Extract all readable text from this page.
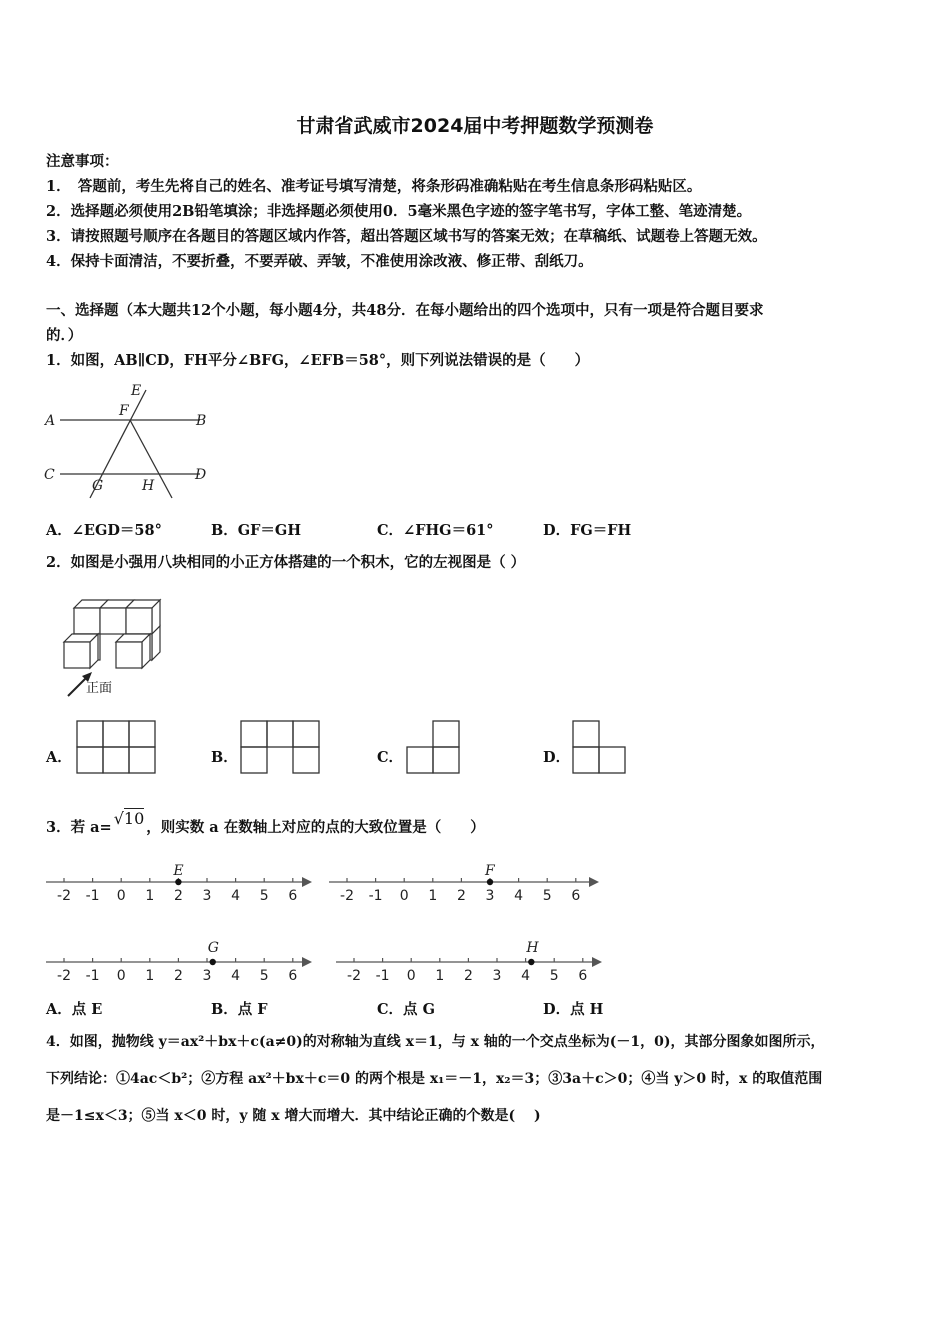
甘肃省武威市2024届中考押题数学预测卷
注意事项：
1．　答题前，考生先将自己的姓名、准考证号填写清楚，将条形码准确粘贴在考生信息条形码粘贴区。
2．选择题必须使用2B铅笔填涂；非选择题必须使用0．5毫米黑色字迹的签字笔书写，字体工整、笔迹清楚。
3．请按照题号顺序在各题目的答题区域内作答，超出答题区域书写的答案无效；在草稿纸、试题卷上答题无效。
4．保持卡面清洁，不要折叠，不要弄破、弄皱，不准使用涂改液、修正带、刮纸刀。
一、选择题（本大题共12个小题，每小题4分，共48分．在每小题给出的四个选项中，只有一项是符合题目要求
的．）
1．如图，AB∥CD，FH平分∠BFG，∠EFB＝58°，则下列说法错误的是（　　）
A	B
C	D
E
F
G	H
A．∠EGD＝58°	B．GF＝GH	C．∠FHG＝61°	D．FG＝FH
2．如图是小强用八块相同的小正方体搭建的一个积木，它的左视图是（ ）
正面
A．	B．	C．	D．
3．若 a= √10 ，则实数 a 在数轴上对应的点的大致位置是（　　）
-2 -1 0 1 2 3 4 5 6
E
-2 -1 0 1 2 3 4 5 6
F
-2 -1 0 1 2 3 4 5 6
G
-2 -1 0 1 2 3 4 5 6
H
A．点 E	B．点 F	C．点 G	D．点 H
4．如图，抛物线 y＝ax²＋bx＋c(a≠0)的对称轴为直线 x＝1，与 x 轴的一个交点坐标为(－1，0)，其部分图象如图所示，
下列结论：①4ac＜b²；②方程 ax²＋bx＋c＝0 的两个根是 x₁＝－1，x₂＝3；③3a＋c＞0；④当 y＞0 时，x 的取值范围
是－1≤x＜3；⑤当 x＜0 时，y 随 x 增大而增大．其中结论正确的个数是(　 )
